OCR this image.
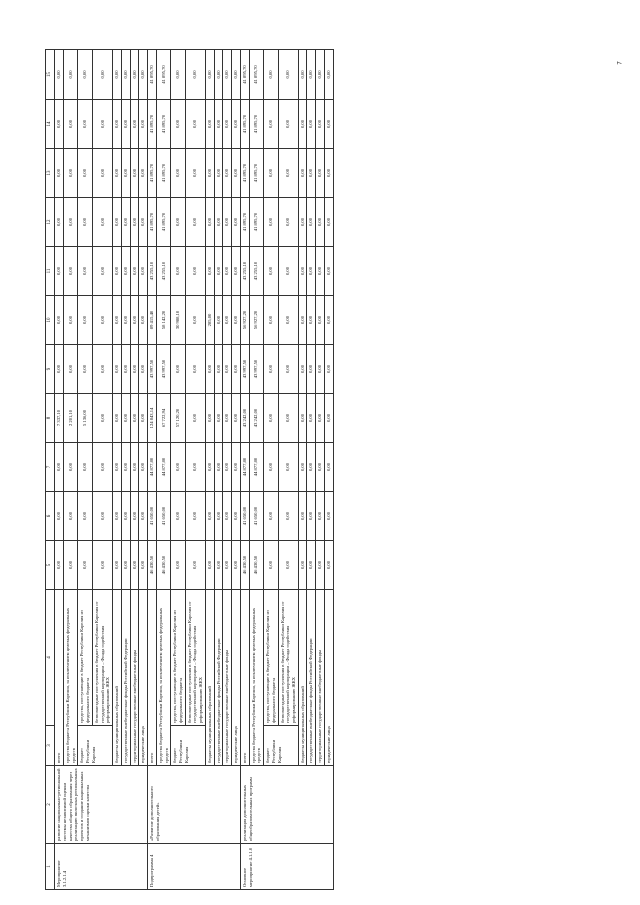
7
1	2	3	4	5	6	7	8	9	10	11	12	13	14	15
Мероприятие 3.1.2.1.4	развитие национально-региональной системы независимой оценки качества общего образования через реализацию пилотных региональных проектов и создание национальных механизмов оценки качества	всего		0,00	0,00	0,00	7 337,10	0,00	0,00	0,00	0,00	0,00	0,00	0,00
		средства бюджета Республики Карелия, за исключением целевых федеральных средств		0,00	0,00	0,00	2 201,10	0,00	0,00	0,00	0,00	0,00	0,00	0,00
		бюджет Республики Карелия	средства, поступающие в бюджет Республики Карелия из федерального бюджета	0,00	0,00	0,00	5 136,00	0,00	0,00	0,00	0,00	0,00	0,00	0,00
			безвозмездные поступления в бюджет Республики Карелия от государственной корпорации – Фонда содействия реформированию ЖКХ	0,00	0,00	0,00	0,00	0,00	0,00	0,00	0,00	0,00	0,00	0,00
		бюджеты муниципальных образований		0,00	0,00	0,00	0,00	0,00	0,00	0,00	0,00	0,00	0,00	0,00
		государственные внебюджетные фонды Российской Федерации		0,00	0,00	0,00	0,00	0,00	0,00	0,00	0,00	0,00	0,00	0,00
		территориальные государственные внебюджетные фонды		0,00	0,00	0,00	0,00	0,00	0,00	0,00	0,00	0,00	0,00	0,00
		юридические лица		0,00	0,00	0,00	0,00	0,00	0,00	0,00	0,00	0,00	0,00	0,00
Подпрограмма 4	«Развитие дополнительного образования детей»	всего		46 430,50	41 650,00	44 877,80	124 843,14	43 997,50	89 415,40	43 255,10	41 895,70	41 895,70	41 895,70	41 895,70
		средства бюджета Республики Карелия, за исключением целевых федеральных средств		46 430,50	41 650,00	44 877,80	67 722,94	43 997,50	58 142,20	43 255,10	41 895,70	41 895,70	41 895,70	41 895,70
		бюджет Республики Карелия	средства, поступающие в бюджет Республики Карелия из федерального бюджета	0,00	0,00	0,00	57 120,20	0,00	30 988,10	0,00	0,00	0,00	0,00	0,00
			безвозмездные поступления в бюджет Республики Карелия от государственной корпорации – Фонда содействия реформированию ЖКХ	0,00	0,00	0,00	0,00	0,00	0,00	0,00	0,00	0,00	0,00	0,00
		бюджеты муниципальных образований		0,00	0,00	0,00	0,00	0,00	285,00	0,00	0,00	0,00	0,00	0,00
		государственные внебюджетные фонды Российской Федерации		0,00	0,00	0,00	0,00	0,00	0,00	0,00	0,00	0,00	0,00	0,00
		территориальные государственные внебюджетные фонды		0,00	0,00	0,00	0,00	0,00	0,00	0,00	0,00	0,00	0,00	0,00
		юридические лица		0,00	0,00	0,00	0,00	0,00	0,00	0,00	0,00	0,00	0,00	0,00
Основное мероприятие 4.1.1.0	реализация дополнительных общеобразовательных программ	всего		46 430,50	41 650,00	44 877,80	43 242,00	43 997,50	56 927,20	43 255,10	41 895,70	41 895,70	41 895,70	41 895,70
		средства бюджета Республики Карелия, за исключением целевых федеральных средств		46 430,50	41 650,00	44 877,80	43 242,00	43 997,50	56 927,20	43 255,10	41 895,70	41 895,70	41 895,70	41 895,70
		бюджет Республики Карелия	средства, поступающие в бюджет Республики Карелия из федерального бюджета	0,00	0,00	0,00	0,00	0,00	0,00	0,00	0,00	0,00	0,00	0,00
			безвозмездные поступления в бюджет Республики Карелия от государственной корпорации – Фонда содействия реформированию ЖКХ	0,00	0,00	0,00	0,00	0,00	0,00	0,00	0,00	0,00	0,00	0,00
		бюджеты муниципальных образований		0,00	0,00	0,00	0,00	0,00	0,00	0,00	0,00	0,00	0,00	0,00
		государственные внебюджетные фонды Российской Федерации		0,00	0,00	0,00	0,00	0,00	0,00	0,00	0,00	0,00	0,00	0,00
		территориальные государственные внебюджетные фонды		0,00	0,00	0,00	0,00	0,00	0,00	0,00	0,00	0,00	0,00	0,00
		юридические лица		0,00	0,00	0,00	0,00	0,00	0,00	0,00	0,00	0,00	0,00	0,00
